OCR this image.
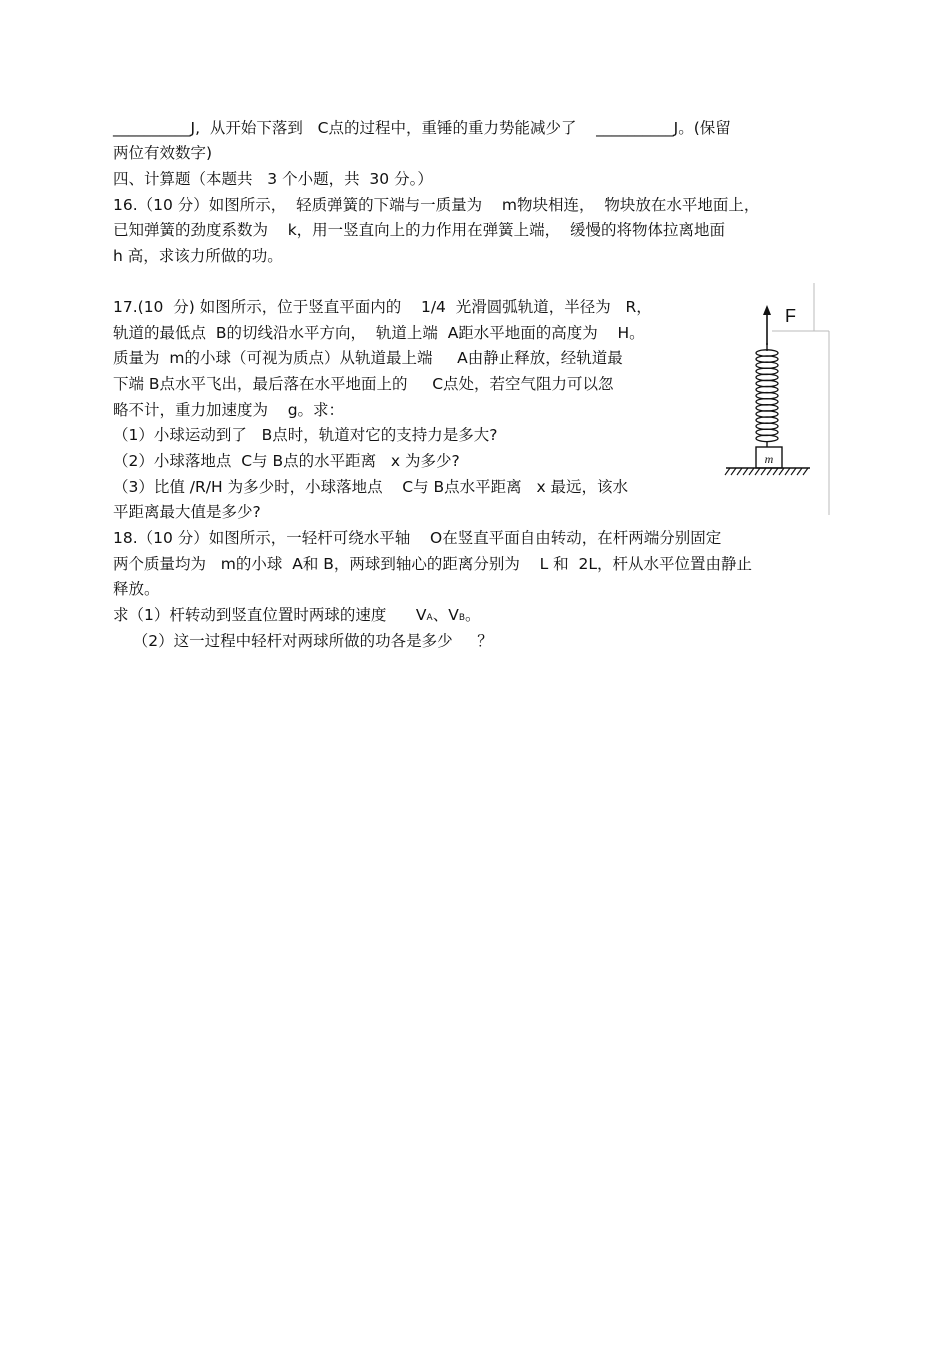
__________J,  从开始下落到   C点的过程中，重锤的重力势能减少了    __________J。(保留
两位有效数字)
四、计算题（本题共   3 个小题，共  30 分。）
16.（10 分）如图所示，  轻质弹簧的下端与一质量为    m物块相连，  物块放在水平地面上，
已知弹簧的劲度系数为    k，用一竖直向上的力作用在弹簧上端，  缓慢的将物体拉离地面
h 高，求该力所做的功。
17.(10  分) 如图所示，位于竖直平面内的    1/4  光滑圆弧轨道，半径为   R，
轨道的最低点  B的切线沿水平方向，  轨道上端  A距水平地面的高度为    H。
质量为  m的小球（可视为质点）从轨道最上端     A由静止释放，经轨道最
下端 B点水平飞出，最后落在水平地面上的     C点处，若空气阻力可以忽
略不计，重力加速度为    g。求：
（1）小球运动到了   B点时，轨道对它的支持力是多大?
（2）小球落地点  C与 B点的水平距离   x 为多少?
（3）比值 /R/H 为多少时，小球落地点    C与 B点水平距离   x 最远，该水
平距离最大值是多少?
18.（10 分）如图所示，一轻杆可绕水平轴    O在竖直平面自由转动，在杆两端分别固定
两个质量均为   m的小球  A和 B，两球到轴心的距离分别为    L 和  2L，杆从水平位置由静止
释放。
求（1）杆转动到竖直位置时两球的速度      VA、VB。
（2）这一过程中轻杆对两球所做的功各是多少     ？
F
m
